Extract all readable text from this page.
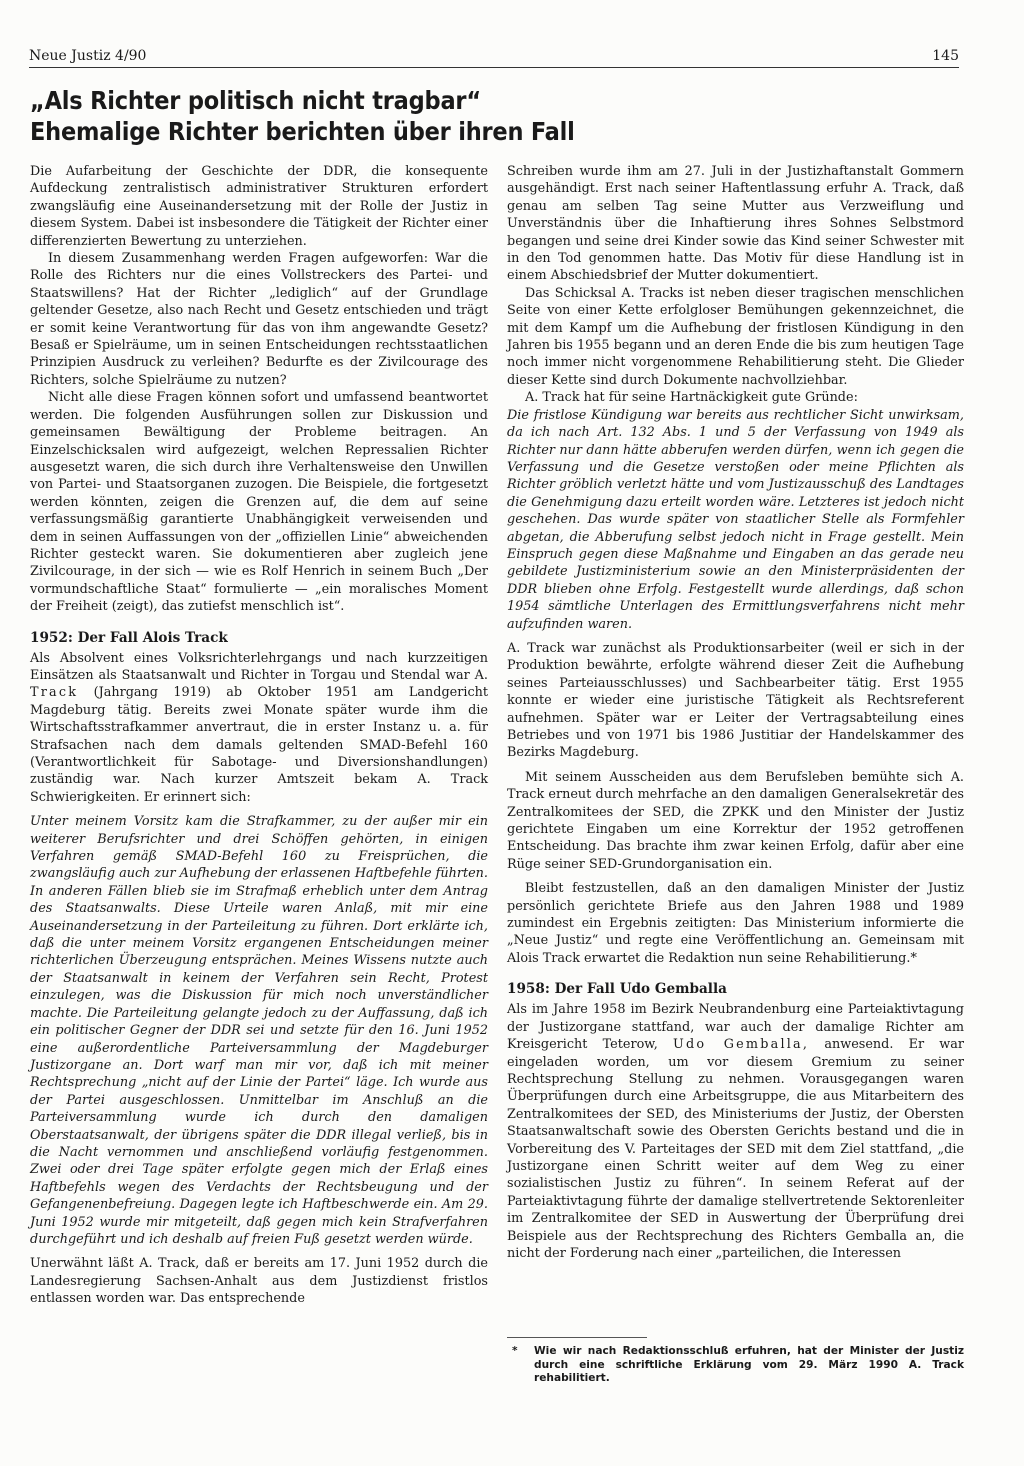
Neue Justiz 4/90	145
„Als Richter politisch nicht tragbar“
Ehemalige Richter berichten über ihren Fall

Die Aufarbeitung der Geschichte der DDR, die konsequente Aufdeckung zentralistisch administrativer Strukturen erfordert zwangsläufig eine Auseinandersetzung mit der Rolle der Justiz in diesem System. Dabei ist insbesondere die Tätigkeit der Richter einer differenzierten Bewertung zu unterziehen.

In diesem Zusammenhang werden Fragen aufgeworfen: War die Rolle des Richters nur die eines Vollstreckers des Partei- und Staatswillens? Hat der Richter „lediglich“ auf der Grundlage geltender Gesetze, also nach Recht und Gesetz entschieden und trägt er somit keine Verantwortung für das von ihm angewandte Gesetz? Besaß er Spielräume, um in seinen Entscheidungen rechtsstaatlichen Prinzipien Ausdruck zu verleihen? Bedurfte es der Zivilcourage des Richters, solche Spielräume zu nutzen?

Nicht alle diese Fragen können sofort und umfassend beantwortet werden. Die folgenden Ausführungen sollen zur Diskussion und gemeinsamen Bewältigung der Probleme beitragen. An Einzelschicksalen wird aufgezeigt, welchen Repressalien Richter ausgesetzt waren, die sich durch ihre Verhaltensweise den Unwillen von Partei- und Staatsorganen zuzogen. Die Beispiele, die fortgesetzt werden könnten, zeigen die Grenzen auf, die dem auf seine verfassungsmäßig garantierte Unabhängigkeit verweisenden und dem in seinen Auffassungen von der „offiziellen Linie“ abweichenden Richter gesteckt waren. Sie dokumentieren aber zugleich jene Zivilcourage, in der sich — wie es Rolf Henrich in seinem Buch „Der vormundschaftliche Staat“ formulierte — „ein moralisches Moment der Freiheit (zeigt), das zutiefst menschlich ist“.

1952: Der Fall Alois Track

Als Absolvent eines Volksrichterlehrgangs und nach kurzzeitigen Einsätzen als Staatsanwalt und Richter in Torgau und Stendal war A. Track (Jahrgang 1919) ab Oktober 1951 am Landgericht Magdeburg tätig. Bereits zwei Monate später wurde ihm die Wirtschaftsstrafkammer anvertraut, die in erster Instanz u. a. für Strafsachen nach dem damals geltenden SMAD-Befehl 160 (Verantwortlichkeit für Sabotage- und Diversionshandlungen) zuständig war. Nach kurzer Amtszeit bekam A. Track Schwierigkeiten. Er erinnert sich:

Unter meinem Vorsitz kam die Strafkammer, zu der außer mir ein weiterer Berufsrichter und drei Schöffen gehörten, in einigen Verfahren gemäß SMAD-Befehl 160 zu Freisprüchen, die zwangsläufig auch zur Aufhebung der erlassenen Haftbefehle führten. In anderen Fällen blieb sie im Strafmaß erheblich unter dem Antrag des Staatsanwalts. Diese Urteile waren Anlaß, mit mir eine Auseinandersetzung in der Parteileitung zu führen. Dort erklärte ich, daß die unter meinem Vorsitz ergangenen Entscheidungen meiner richterlichen Überzeugung entsprächen. Meines Wissens nutzte auch der Staatsanwalt in keinem der Verfahren sein Recht, Protest einzulegen, was die Diskussion für mich noch unverständlicher machte. Die Parteileitung gelangte jedoch zu der Auffassung, daß ich ein politischer Gegner der DDR sei und setzte für den 16. Juni 1952 eine außerordentliche Parteiversammlung der Magdeburger Justizorgane an. Dort warf man mir vor, daß ich mit meiner Rechtsprechung „nicht auf der Linie der Partei“ läge. Ich wurde aus der Partei ausgeschlossen. Unmittelbar im Anschluß an die Parteiversammlung wurde ich durch den damaligen Oberstaatsanwalt, der übrigens später die DDR illegal verließ, bis in die Nacht vernommen und anschließend vorläufig festgenommen. Zwei oder drei Tage später erfolgte gegen mich der Erlaß eines Haftbefehls wegen des Verdachts der Rechtsbeugung und der Gefangenenbefreiung. Dagegen legte ich Haftbeschwerde ein. Am 29. Juni 1952 wurde mir mitgeteilt, daß gegen mich kein Strafverfahren durchgeführt und ich deshalb auf freien Fuß gesetzt werden würde.

Unerwähnt läßt A. Track, daß er bereits am 17. Juni 1952 durch die Landesregierung Sachsen-Anhalt aus dem Justizdienst fristlos entlassen worden war. Das entsprechende

Schreiben wurde ihm am 27. Juli in der Justizhaftanstalt Gommern ausgehändigt. Erst nach seiner Haftentlassung erfuhr A. Track, daß genau am selben Tag seine Mutter aus Verzweiflung und Unverständnis über die Inhaftierung ihres Sohnes Selbstmord begangen und seine drei Kinder sowie das Kind seiner Schwester mit in den Tod genommen hatte. Das Motiv für diese Handlung ist in einem Abschiedsbrief der Mutter dokumentiert.

Das Schicksal A. Tracks ist neben dieser tragischen menschlichen Seite von einer Kette erfolgloser Bemühungen gekennzeichnet, die mit dem Kampf um die Aufhebung der fristlosen Kündigung in den Jahren bis 1955 begann und an deren Ende die bis zum heutigen Tage noch immer nicht vorgenommene Rehabilitierung steht. Die Glieder dieser Kette sind durch Dokumente nachvollziehbar.

A. Track hat für seine Hartnäckigkeit gute Gründe:

Die fristlose Kündigung war bereits aus rechtlicher Sicht unwirksam, da ich nach Art. 132 Abs. 1 und 5 der Verfassung von 1949 als Richter nur dann hätte abberufen werden dürfen, wenn ich gegen die Verfassung und die Gesetze verstoßen oder meine Pflichten als Richter gröblich verletzt hätte und vom Justizausschuß des Landtages die Genehmigung dazu erteilt worden wäre. Letzteres ist jedoch nicht geschehen. Das wurde später von staatlicher Stelle als Formfehler abgetan, die Abberufung selbst jedoch nicht in Frage gestellt. Mein Einspruch gegen diese Maßnahme und Eingaben an das gerade neu gebildete Justizministerium sowie an den Ministerpräsidenten der DDR blieben ohne Erfolg. Festgestellt wurde allerdings, daß schon 1954 sämtliche Unterlagen des Ermittlungsverfahrens nicht mehr aufzufinden waren.

A. Track war zunächst als Produktionsarbeiter (weil er sich in der Produktion bewährte, erfolgte während dieser Zeit die Aufhebung seines Parteiausschlusses) und Sachbearbeiter tätig. Erst 1955 konnte er wieder eine juristische Tätigkeit als Rechtsreferent aufnehmen. Später war er Leiter der Vertragsabteilung eines Betriebes und von 1971 bis 1986 Justitiar der Handelskammer des Bezirks Magdeburg.

Mit seinem Ausscheiden aus dem Berufsleben bemühte sich A. Track erneut durch mehrfache an den damaligen Generalsekretär des Zentralkomitees der SED, die ZPKK und den Minister der Justiz gerichtete Eingaben um eine Korrektur der 1952 getroffenen Entscheidung. Das brachte ihm zwar keinen Erfolg, dafür aber eine Rüge seiner SED-Grundorganisation ein.

Bleibt festzustellen, daß an den damaligen Minister der Justiz persönlich gerichtete Briefe aus den Jahren 1988 und 1989 zumindest ein Ergebnis zeitigten: Das Ministerium informierte die „Neue Justiz“ und regte eine Veröffentlichung an. Gemeinsam mit Alois Track erwartet die Redaktion nun seine Rehabilitierung.*

1958: Der Fall Udo Gemballa

Als im Jahre 1958 im Bezirk Neubrandenburg eine Parteiaktivtagung der Justizorgane stattfand, war auch der damalige Richter am Kreisgericht Teterow, Udo Gemballa, anwesend. Er war eingeladen worden, um vor diesem Gremium zu seiner Rechtsprechung Stellung zu nehmen. Vorausgegangen waren Überprüfungen durch eine Arbeitsgruppe, die aus Mitarbeitern des Zentralkomitees der SED, des Ministeriums der Justiz, der Obersten Staatsanwaltschaft sowie des Obersten Gerichts bestand und die in Vorbereitung des V. Parteitages der SED mit dem Ziel stattfand, „die Justizorgane einen Schritt weiter auf dem Weg zu einer sozialistischen Justiz zu führen“. In seinem Referat auf der Parteiaktivtagung führte der damalige stellvertretende Sektorenleiter im Zentralkomitee der SED in Auswertung der Überprüfung drei Beispiele aus der Rechtsprechung des Richters Gemballa an, die nicht der Forderung nach einer „parteilichen, die Interessen

* Wie wir nach Redaktionsschluß erfuhren, hat der Minister der Justiz durch eine schriftliche Erklärung vom 29. März 1990 A. Track rehabilitiert.
